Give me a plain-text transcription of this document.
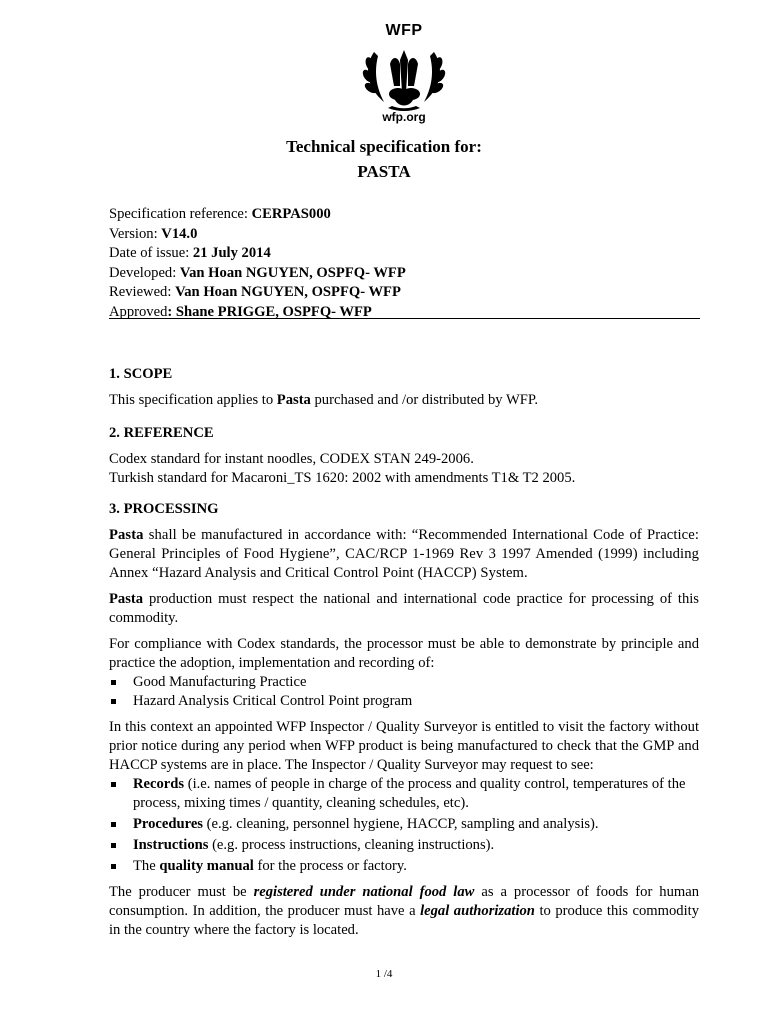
WFP
wfp.org
Technical specification for:
PASTA
Specification reference: CERPAS000
Version: V14.0
Date of issue: 21 July 2014
Developed: Van Hoan NGUYEN, OSPFQ- WFP
Reviewed: Van Hoan NGUYEN, OSPFQ- WFP
Approved: Shane PRIGGE, OSPFQ- WFP
1. SCOPE
This specification applies to Pasta purchased and /or distributed by WFP.
2. REFERENCE
Codex standard for instant noodles, CODEX STAN 249-2006.
Turkish standard for Macaroni_TS 1620: 2002 with amendments T1& T2 2005.
3. PROCESSING
Pasta shall be manufactured in accordance with: “Recommended International Code of Practice: General Principles of Food Hygiene”, CAC/RCP 1-1969 Rev 3 1997 Amended (1999) including Annex “Hazard Analysis and Critical Control Point (HACCP) System.
Pasta production must respect the national and international code practice for processing of this commodity.
For compliance with Codex standards, the processor must be able to demonstrate by principle and practice the adoption, implementation and recording of:
Good Manufacturing Practice
Hazard Analysis Critical Control Point program
In this context an appointed WFP Inspector / Quality Surveyor is entitled to visit the factory without prior notice during any period when WFP product is being manufactured to check that the GMP and HACCP systems are in place. The Inspector / Quality Surveyor may request to see:
Records (i.e. names of people in charge of the process and quality control, temperatures of the process, mixing times / quantity, cleaning schedules, etc).
Procedures (e.g. cleaning, personnel hygiene, HACCP, sampling and analysis).
Instructions (e.g. process instructions, cleaning instructions).
The quality manual for the process or factory.
The producer must be registered under national food law as a processor of foods for human consumption. In addition, the producer must have a legal authorization to produce this commodity in the country where the factory is located.
1 /4
